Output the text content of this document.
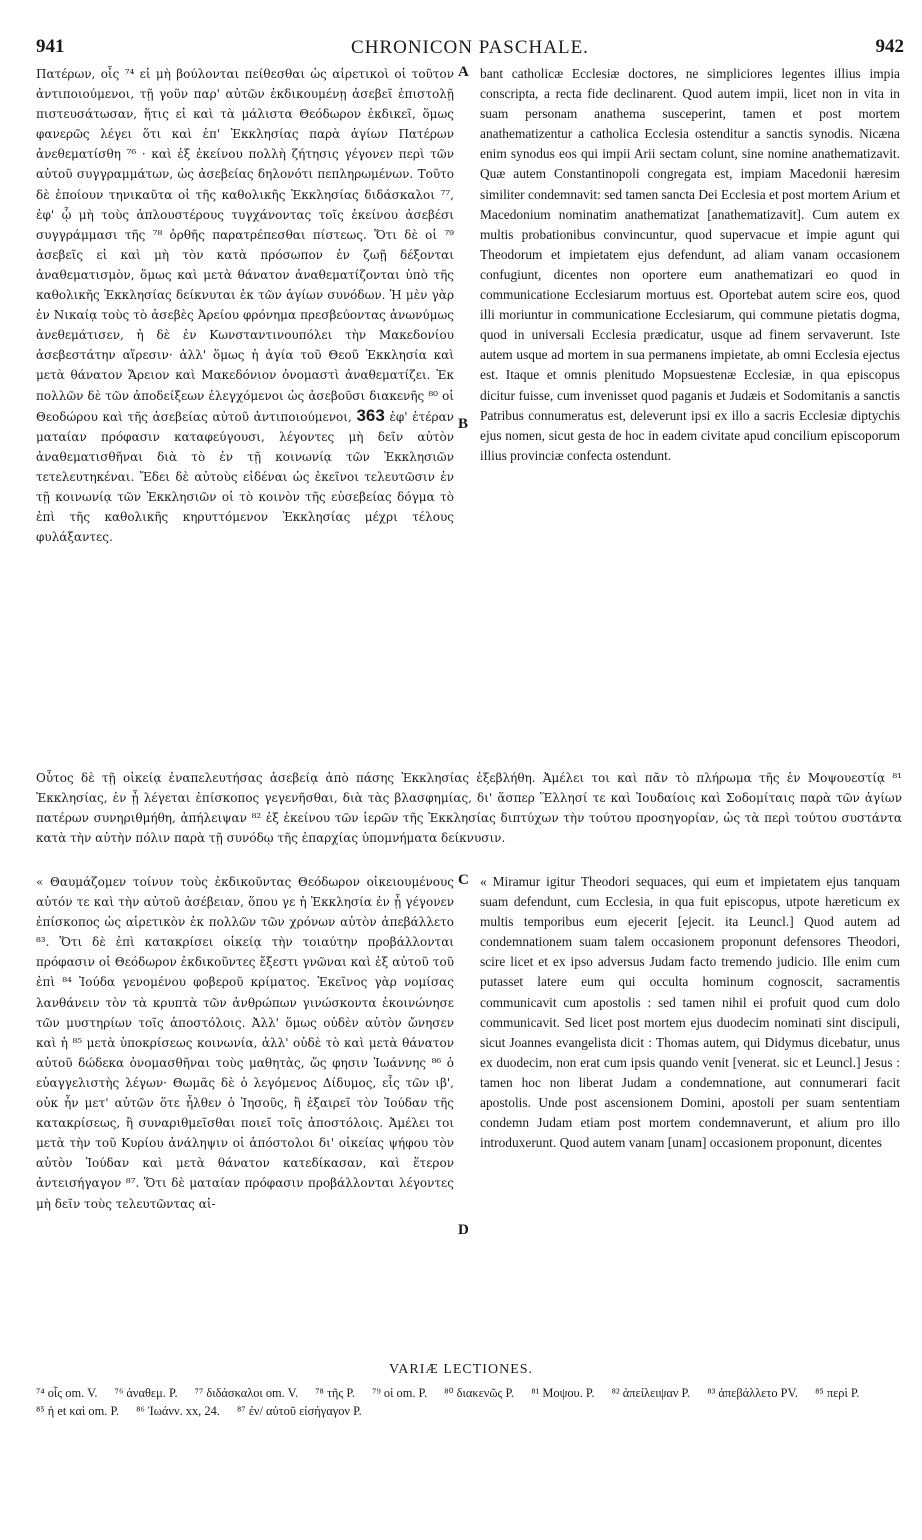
941	CHRONICON PASCHALE.	942
Πατέρων, οἷς ⁷⁴ εἰ μὴ βούλονται πείθεσθαι ὡς αἱρετικοὶ οἱ τοῦτον ἀντιποιούμενοι, τῇ γοῦν παρ' αὐτῶν ἐκδικουμένῃ ἀσεβεῖ ἐπιστολῇ πιστευσάτωσαν, ἥτις εἰ καὶ τὰ μάλιστα Θεόδωρον ἐκδικεῖ, ὅμως φανερῶς λέγει ὅτι καὶ ἐπ' Ἐκκλησίας παρὰ ἁγίων Πατέρων ἀνεθεματίσθη ⁷⁶ · καὶ ἐξ ἐκείνου πολλὴ ζήτησις γέγονεν περὶ τῶν αὐτοῦ συγγραμμάτων, ὡς ἀσεβείας δηλονότι πεπληρωμένων. Τοῦτο δὲ ἐποίουν τηνικαῦτα οἱ τῆς καθολικῆς Ἐκκλησίας διδάσκαλοι ⁷⁷, ἐφ' ᾧ μὴ τοὺς ἁπλουστέρους τυγχάνοντας τοῖς ἐκείνου ἀσεβέσι συγγράμμασι τῆς ⁷⁸ ὀρθῆς παρατρέπεσθαι πίστεως. Ὅτι δὲ οἱ ⁷⁹ ἀσεβεῖς εἰ καὶ μὴ τὸν κατὰ πρόσωπον ἐν ζωῇ δέξονται ἀναθεματισμὸν, ὅμως καὶ μετὰ θάνατον ἀναθεματίζονται ὑπὸ τῆς καθολικῆς Ἐκκλησίας δείκνυται ἐκ τῶν ἁγίων συνόδων. Ἡ μὲν γὰρ ἐν Νικαίᾳ τοὺς τὸ ἀσεβὲς Ἀρείου φρόνημα πρεσβεύοντας ἀνωνύμως ἀνεθεμάτισεν, ἡ δὲ ἐν Κωνσταντινουπόλει τὴν Μακεδονίου ἀσεβεστάτην αἵρεσιν· ἀλλ' ὅμως ἡ ἁγία τοῦ Θεοῦ Ἐκκλησία καὶ μετὰ θάνατον Ἄρειον καὶ Μακεδόνιον ὀνομαστὶ ἀναθεματίζει. Ἐκ πολλῶν δὲ τῶν ἀποδείξεων ἐλεγχόμενοι ὡς ἀσεβοῦσι διακενῆς ⁸⁰ οἱ Θεοδώρου καὶ τῆς ἀσεβείας αὐτοῦ ἀντιποιούμενοι, 363 ἐφ' ἑτέραν ματαίαν πρόφασιν καταφεύγουσι, λέγοντες μὴ δεῖν αὐτὸν ἀναθεματισθῆναι διὰ τὸ ἐν τῇ κοινωνίᾳ τῶν Ἐκκλησιῶν τετελευτηκέναι. Ἔδει δὲ αὐτοὺς εἰδέναι ὡς ἐκεῖνοι τελευτῶσιν ἐν τῇ κοινωνίᾳ τῶν Ἐκκλησιῶν οἱ τὸ κοινὸν τῆς εὐσεβείας δόγμα τὸ ἐπὶ τῆς καθολικῆς κηρυττόμενον Ἐκκλησίας μέχρι τέλους φυλάξαντες.
bant catholicæ Ecclesiæ doctores, ne simpliciores legentes illius impia conscripta, a recta fide declinarent. Quod autem impii, licet non in vita in suam personam anathema susceperint, tamen et post mortem anathematizentur a catholica Ecclesia ostenditur a sanctis synodis. Nicæna enim synodus eos qui impii Arii sectam colunt, sine nomine anathematizavit. Quæ autem Constantinopoli congregata est, impiam Macedonii hæresim similiter condemnavit: sed tamen sancta Dei Ecclesia et post mortem Arium et Macedonium nominatim anathematizat [anathematizavit]. Cum autem ex multis probationibus convincuntur, quod supervacue et impie agunt qui Theodorum et impietatem ejus defendunt, ad aliam vanam occasionem confugiunt, dicentes non oportere eum anathematizari eo quod in communicatione Ecclesiarum mortuus est. Oportebat autem scire eos, quod illi moriuntur in communicatione Ecclesiarum, qui commune pietatis dogma, quod in universali Ecclesia prædicatur, usque ad finem servaverunt. Iste autem usque ad mortem in sua permanens impietate, ab omni Ecclesia ejectus est. Itaque et omnis plenitudo Mopsuestenæ Ecclesiæ, in qua episcopus dicitur fuisse, cum invenisset quod paganis et Judæis et Sodomitanis a sanctis Patribus connumeratus est, deleverunt ipsi ex illo a sacris Ecclesiæ diptychis ejus nomen, sicut gesta de hoc in eadem civitate apud concilium episcoporum illius provinciæ confecta ostendunt.
A
B
Οὗτος δὲ τῇ οἰκείᾳ ἐναπελευτήσας ἀσεβείᾳ ἀπὸ πάσης Ἐκκλησίας ἐξεβλήθη. Ἀμέλει τοι καὶ πᾶν τὸ πλήρωμα τῆς ἐν Μοψουεστίᾳ ⁸¹ Ἐκκλησίας, ἐν ᾗ λέγεται ἐπίσκοπος γεγενῆσθαι, διὰ τὰς βλασφημίας, δι' ἅσπερ Ἕλλησί τε καὶ Ἰουδαίοις καὶ Σοδομίταις παρὰ τῶν ἁγίων πατέρων συνηριθμήθη, ἀπήλειψαν ⁸² ἐξ ἐκείνου τῶν ἱερῶν τῆς Ἐκκλησίας διπτύχων τὴν τούτου προσηγορίαν, ὡς τὰ περὶ τούτου συστάντα κατὰ τὴν αὐτὴν πόλιν παρὰ τῇ συνόδῳ τῆς ἐπαρχίας ὑπομνήματα δείκνυσιν.
« Θαυμάζομεν τοίνυν τοὺς ἐκδικοῦντας Θεόδωρον οἰκειουμένους αὐτόν τε καὶ τὴν αὐτοῦ ἀσέβειαν, ὅπου γε ἡ Ἐκκλησία ἐν ᾗ γέγονεν ἐπίσκοπος ὡς αἱρετικὸν ἐκ πολλῶν τῶν χρόνων αὐτὸν ἀπεβάλλετο ⁸³. Ὅτι δὲ ἐπὶ κατακρίσει οἰκείᾳ τὴν τοιαύτην προβάλλονται πρόφασιν οἱ Θεόδωρον ἐκδικοῦντες ἔξεστι γνῶναι καὶ ἐξ αὐτοῦ τοῦ ἐπὶ ⁸⁴ Ἰούδα γενομένου φοβεροῦ κρίματος. Ἐκεῖνος γὰρ νομίσας λανθάνειν τὸν τὰ κρυπτὰ τῶν ἀνθρώπων γινώσκοντα ἐκοινώνησε τῶν μυστηρίων τοῖς ἀποστόλοις. Ἀλλ' ὅμως οὐδὲν αὐτὸν ὤνησεν καὶ ἡ ⁸⁵ μετὰ ὑποκρίσεως κοινωνία, ἀλλ' οὐδὲ τὸ καὶ μετὰ θάνατον αὐτοῦ δώδεκα ὀνομασθῆναι τοὺς μαθητὰς, ὥς φησιν Ἰωάννης ⁸⁶ ὁ εὐαγγελιστὴς λέγων· Θωμᾶς δὲ ὁ λεγόμενος Δίδυμος, εἷς τῶν ιβ', οὐκ ἦν μετ' αὐτῶν ὅτε ἦλθεν ὁ Ἰησοῦς, ἢ ἐξαιρεῖ τὸν Ἰούδαν τῆς κατακρίσεως, ἢ συναριθμεῖσθαι ποιεῖ τοῖς ἀποστόλοις. Ἀμέλει τοι μετὰ τὴν τοῦ Κυρίου ἀνάληψιν οἱ ἀπόστολοι δι' οἰκείας ψήφου τὸν αὐτὸν Ἰούδαν καὶ μετὰ θάνατον κατεδίκασαν, καὶ ἕτερον ἀντεισήγαγον ⁸⁷. Ὅτι δὲ ματαίαν πρόφασιν προβάλλονται λέγοντες μὴ δεῖν τοὺς τελευτῶντας αἱ-
« Miramur igitur Theodori sequaces, qui eum et impietatem ejus tanquam suam defendunt, cum Ecclesia, in qua fuit episcopus, utpote hæreticum ex multis temporibus eum ejecerit [ejecit. ita Leuncl.] Quod autem ad condemnationem suam talem occasionem proponunt defensores Theodori, scire licet et ex ipso adversus Judam facto tremendo judicio. Ille enim cum putasset latere eum qui occulta hominum cognoscit, sacramentis communicavit cum apostolis : sed tamen nihil ei profuit quod cum dolo communicavit. Sed licet post mortem ejus duodecim nominati sint discipuli, sicut Joannes evangelista dicit : Thomas autem, qui Didymus dicebatur, unus ex duodecim, non erat cum ipsis quando venit [venerat. sic et Leuncl.] Jesus : tamen hoc non liberat Judam a condemnatione, aut connumerari facit apostolis. Unde post ascensionem Domini, apostoli per suam sententiam condemn Judam etiam post mortem condemnaverunt, et alium pro illo introduxerunt. Quod autem vanam [unam] occasionem proponunt, dicentes
C
D
VARIÆ LECTIONES.
⁷⁴ οἷς om. V. ⁷⁶ ἀναθεμ. P. ⁷⁷ διδάσκαλοι om. V. ⁷⁸ τῆς P. ⁷⁹ οἱ om. P. ⁸⁰ διακενῶς P. ⁸¹ Μοψου. P. ⁸² ἀπείλειψαν P. ⁸³ ἀπεβάλλετο PV. ⁸⁵ περὶ P. ⁸⁵ ἡ et καὶ om. P. ⁸⁶ Ἰωάνν. xx, 24. ⁸⁷ ἐν/ αὐτοῦ εἰσήγαγον P.
